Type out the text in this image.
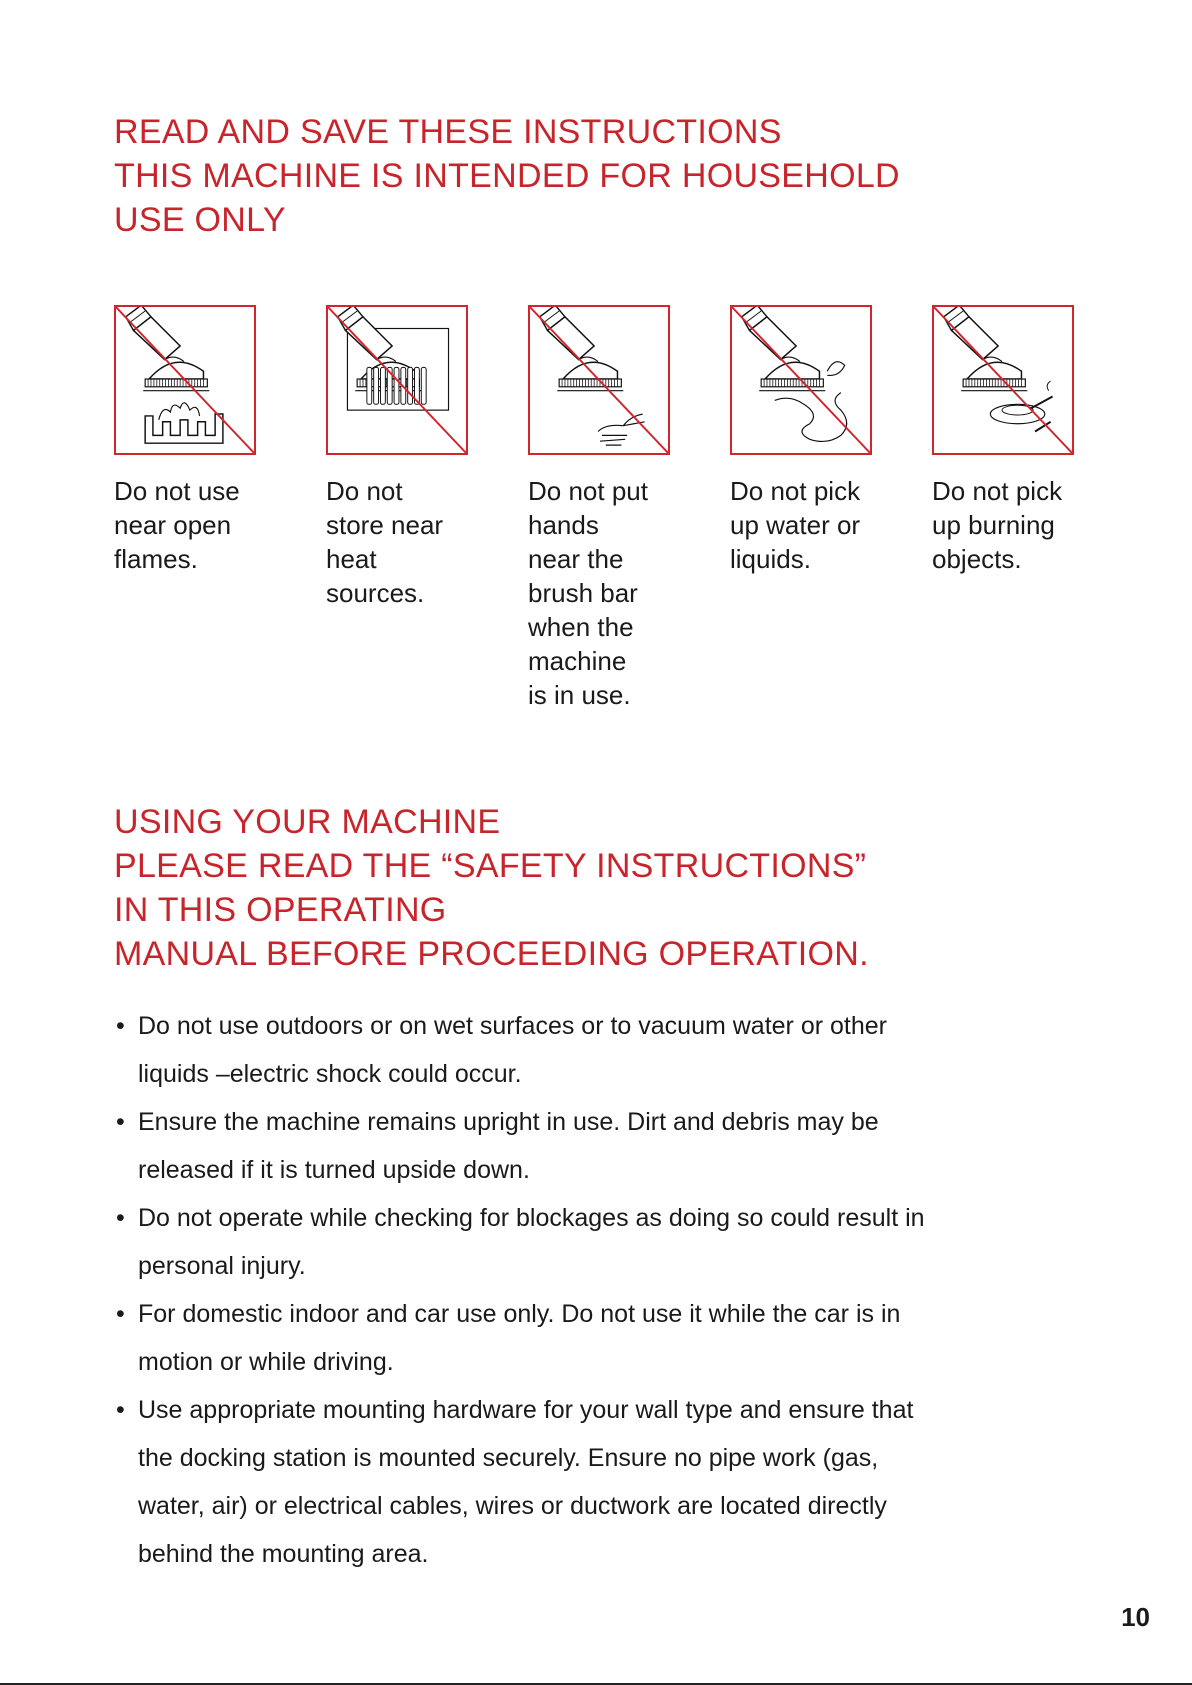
READ AND SAVE THESE INSTRUCTIONS
THIS MACHINE IS INTENDED FOR HOUSEHOLD
USE ONLY

Do not use
near open
flames.

Do not
store near
heat
sources.

Do not put
hands
near the
brush bar
when the
machine
is in use.

Do not pick
up water or
liquids.

Do not pick
up burning
objects.

USING YOUR MACHINE
PLEASE READ THE “SAFETY INSTRUCTIONS”
IN THIS OPERATING
MANUAL BEFORE PROCEEDING OPERATION.
• Do not use outdoors or on wet surfaces or to vacuum water or other
liquids –electric shock could occur.
• Ensure the machine remains upright in use. Dirt and debris may be
released if it is turned upside down.
• Do not operate while checking for blockages as doing so could result in
personal injury.
• For domestic indoor and car use only. Do not use it while the car is in
motion or while driving.
• Use appropriate mounting hardware for your wall type and ensure that
the docking station is mounted securely. Ensure no pipe work (gas,
water, air) or electrical cables, wires or ductwork are located directly
behind the mounting area.
10
